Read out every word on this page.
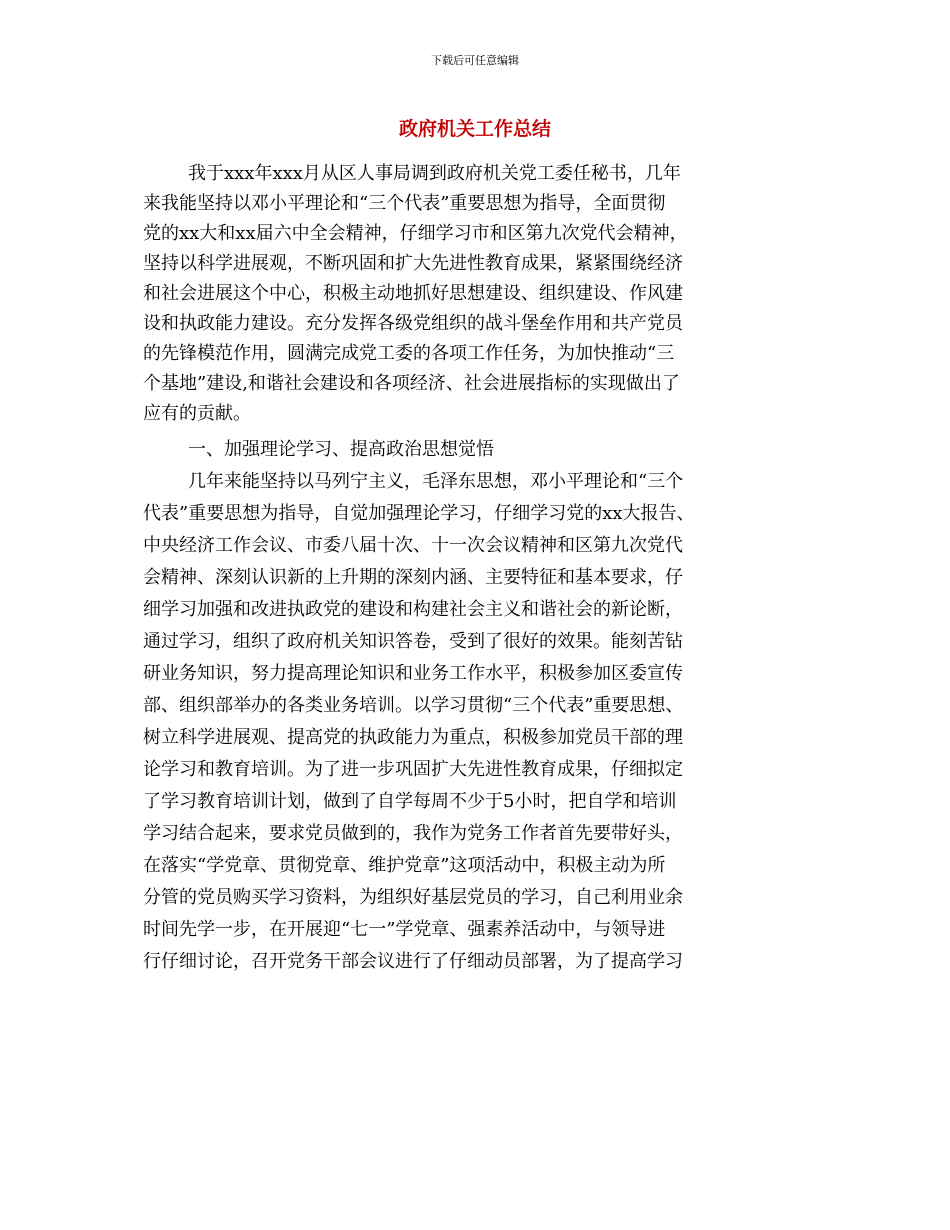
下载后可任意编辑
政府机关工作总结
我于xxx年xxx月从区人事局调到政府机关党工委任秘书，几年
来我能坚持以邓小平理论和“三个代表”重要思想为指导，全面贯彻
党的xx大和xx届六中全会精神，仔细学习市和区第九次党代会精神，
坚持以科学进展观，不断巩固和扩大先进性教育成果，紧紧围绕经济
和社会进展这个中心，积极主动地抓好思想建设、组织建设、作风建
设和执政能力建设。充分发挥各级党组织的战斗堡垒作用和共产党员
的先锋模范作用，圆满完成党工委的各项工作任务，为加快推动“三
个基地”建设,和谐社会建设和各项经济、社会进展指标的实现做出了
应有的贡献。
一、加强理论学习、提高政治思想觉悟
几年来能坚持以马列宁主义，毛泽东思想，邓小平理论和“三个
代表”重要思想为指导，自觉加强理论学习，仔细学习党的xx大报告、
中央经济工作会议、市委八届十次、十一次会议精神和区第九次党代
会精神、深刻认识新的上升期的深刻内涵、主要特征和基本要求，仔
细学习加强和改进执政党的建设和构建社会主义和谐社会的新论断，
通过学习，组织了政府机关知识答卷，受到了很好的效果。能刻苦钻
研业务知识，努力提高理论知识和业务工作水平，积极参加区委宣传
部、组织部举办的各类业务培训。以学习贯彻“三个代表”重要思想、
树立科学进展观、提高党的执政能力为重点，积极参加党员干部的理
论学习和教育培训。为了进一步巩固扩大先进性教育成果，仔细拟定
了学习教育培训计划，做到了自学每周不少于5小时，把自学和培训
学习结合起来，要求党员做到的，我作为党务工作者首先要带好头，
在落实“学党章、贯彻党章、维护党章”这项活动中，积极主动为所
分管的党员购买学习资料，为组织好基层党员的学习，自己利用业余
时间先学一步，在开展迎“七一”学党章、强素养活动中，与领导进
行仔细讨论，召开党务干部会议进行了仔细动员部署，为了提高学习
